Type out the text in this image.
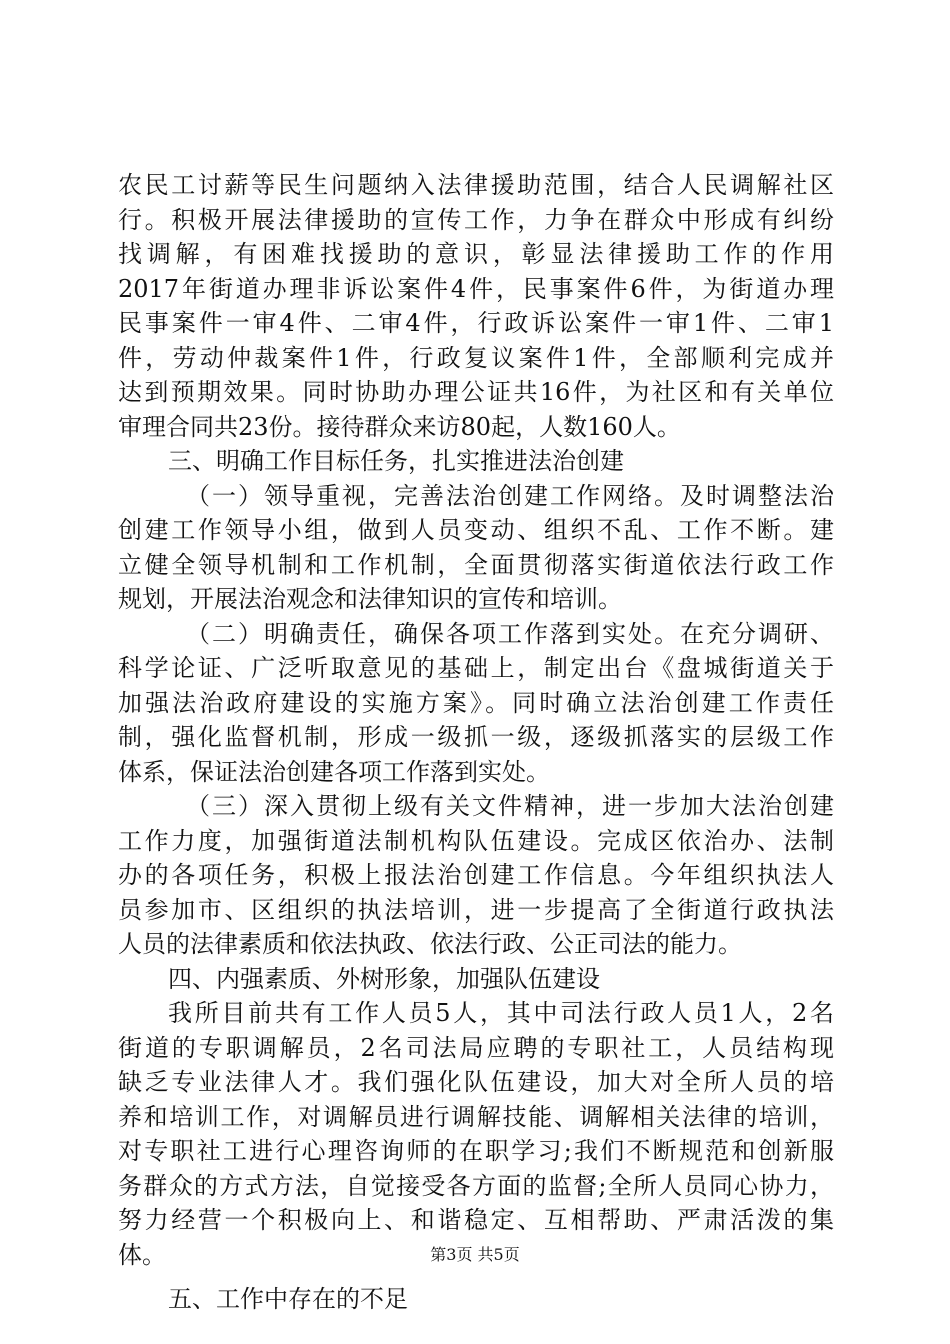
农民工讨薪等民生问题纳入法律援助范围，结合人民调解社区
行。积极开展法律援助的宣传工作，力争在群众中形成有纠纷
找调解，有困难找援助的意识，彰显法律援助工作的作用
2017年街道办理非诉讼案件4件，民事案件6件，为街道办理
民事案件一审4件、二审4件，行政诉讼案件一审1件、二审1
件，劳动仲裁案件1件，行政复议案件1件，全部顺利完成并
达到预期效果。同时协助办理公证共16件，为社区和有关单位
审理合同共23份。接待群众来访80起，人数160人。
三、明确工作目标任务，扎实推进法治创建
（一）领导重视，完善法治创建工作网络。及时调整法治
创建工作领导小组，做到人员变动、组织不乱、工作不断。建
立健全领导机制和工作机制，全面贯彻落实街道依法行政工作
规划，开展法治观念和法律知识的宣传和培训。
（二）明确责任，确保各项工作落到实处。在充分调研、
科学论证、广泛听取意见的基础上，制定出台《盘城街道关于
加强法治政府建设的实施方案》。同时确立法治创建工作责任
制，强化监督机制，形成一级抓一级，逐级抓落实的层级工作
体系，保证法治创建各项工作落到实处。
（三）深入贯彻上级有关文件精神，进一步加大法治创建
工作力度，加强街道法制机构队伍建设。完成区依治办、法制
办的各项任务，积极上报法治创建工作信息。今年组织执法人
员参加市、区组织的执法培训，进一步提高了全街道行政执法
人员的法律素质和依法执政、依法行政、公正司法的能力。
四、内强素质、外树形象，加强队伍建设
我所目前共有工作人员5人，其中司法行政人员1人，2名
街道的专职调解员，2名司法局应聘的专职社工，人员结构现
缺乏专业法律人才。我们强化队伍建设，加大对全所人员的培
养和培训工作，对调解员进行调解技能、调解相关法律的培训，
对专职社工进行心理咨询师的在职学习;我们不断规范和创新服
务群众的方式方法，自觉接受各方面的监督;全所人员同心协力，
努力经营一个积极向上、和谐稳定、互相帮助、严肃活泼的集
体。
五、工作中存在的不足
第3页 共5页
